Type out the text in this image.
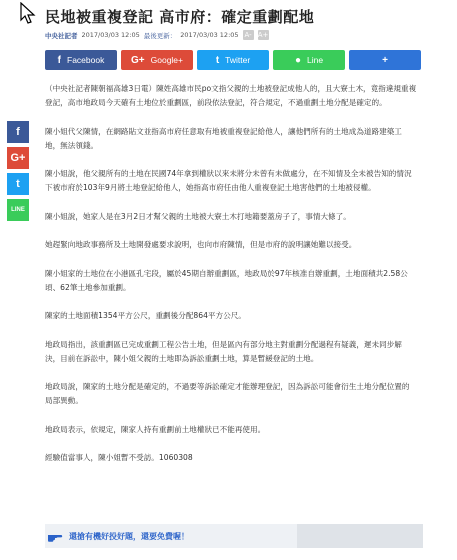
民地被重複登記 高市府：確定重劃配地
中央社記者 2017/03/03 12:05 最後更新： 2017/03/03 12:05 A- A+
f Facebook	G+ Google+	t Twitter	● Line	+
f
G+
t
LINE

（中央社記者陳朝福高雄3日電）陳姓高雄市民po文指父親的土地被登記成他人的，且大寮土木，竟指違規重複登記，高市地政局今天確有土地位於重劃區，前段依法登記，符合規定，不過重劃土地分配是確定的。

陳小姐代父陳情，在網路貼文並指高市府任意取有地被重複登記給他人，讓他們所有的土地成為道路建築工地，無法領錢。

陳小姐說，他父親所有的土地在民國74年拿到權狀以來未將分未曾有未做處分，在不知情及全未被告知的情況下被市府於103年9月將土地登記給他人，她指高市府任由他人重複登記土地害他們的土地被侵權。

陳小姐說，她家人是在3月2日才幫父親的土地被大寮土木打地籍要蓋房子了，事情大條了。

她趕緊向地政事務所及土地開發處要求說明，也向市府陳情，但是市府的說明讓她難以接受。

陳小姐家的土地位在小港區孔宅段，屬於45期自辦重劃區，地政局於97年核准自辦重劃，土地面積共2.58公頃、62筆土地參加重劃。

陳家的土地面積1354平方公尺，重劃後分配864平方公尺。

地政局指出，該重劃區已完成重劃工程公告土地，但是區內有部分地主對重劃分配過程有疑義，遲未同步解決，目前在訴訟中，陳小姐父親的土地即為訴訟重劃土地，算是暫緩登記的土地。

地政局說，陳家的土地分配是確定的，不過要等訴訟確定才能辦理登記，因為訴訟可能會衍生土地分配位置的局部異動。

地政局表示，依規定，陳家人持有重劃前土地權狀已不能再使用。

經驗值當事人，陳小姐暫不受訪。1060308

還搶有機好投好題，還要免費喔！
